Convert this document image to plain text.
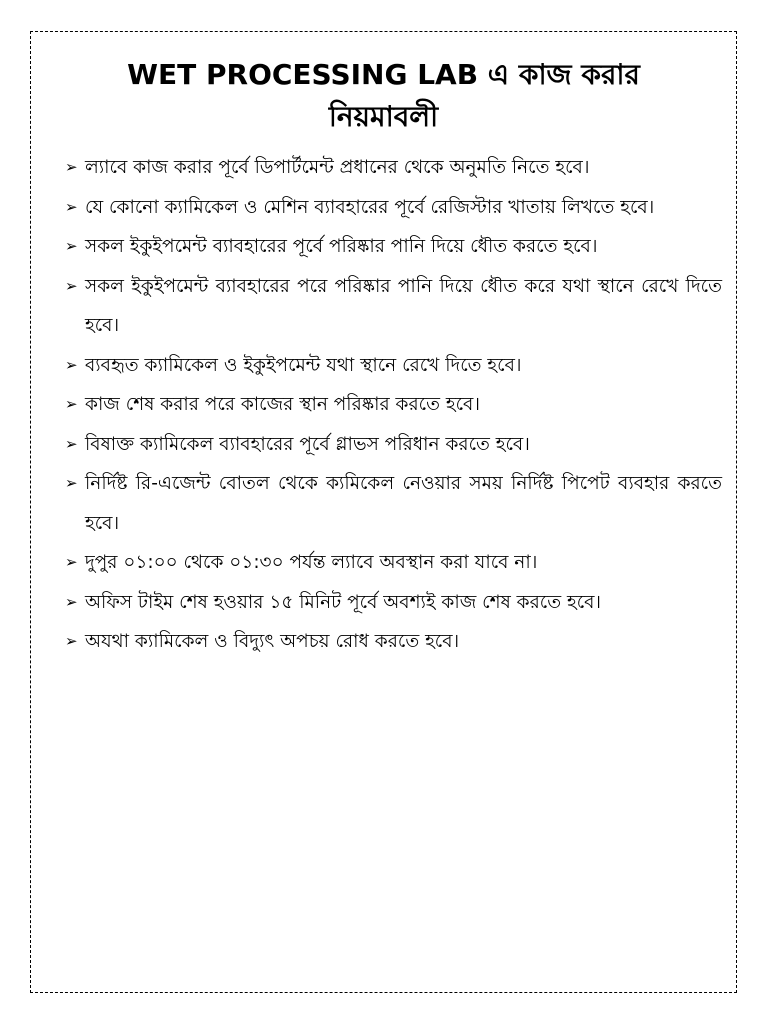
WET PROCESSING LAB এ কাজ করার
নিয়মাবলী
➢ ল্যাবে কাজ করার পূর্বে ডিপার্টমেন্ট প্রধানের থেকে অনুমতি নিতে হবে।
➢ যে কোনো ক্যামিকেল ও মেশিন ব্যাবহারের পূর্বে রেজিস্টার খাতায় লিখতে হবে।
➢ সকল ইকুইপমেন্ট ব্যাবহারের পূর্বে পরিষ্কার পানি দিয়ে ধৌত করতে হবে।
➢ সকল ইকুইপমেন্ট ব্যাবহারের পরে পরিষ্কার পানি দিয়ে ধৌত করে যথা স্থানে রেখে দিতে হবে।
➢ ব্যবহৃত ক্যামিকেল ও ইকুইপমেন্ট যথা স্থানে রেখে দিতে হবে।
➢ কাজ শেষ করার পরে কাজের স্থান পরিষ্কার করতে হবে।
➢ বিষাক্ত ক্যামিকেল ব্যাবহারের পূর্বে গ্লাভস পরিধান করতে হবে।
➢ নির্দিষ্ট রি-এজেন্ট বোতল থেকে ক্যমিকেল নেওয়ার সময় নির্দিষ্ট পিপেট ব্যবহার করতে হবে।
➢ দুপুর ০১:০০ থেকে ০১:৩০ পর্যন্ত ল্যাবে অবস্থান করা যাবে না।
➢ অফিস টাইম শেষ হওয়ার ১৫ মিনিট পূর্বে অবশ্যই কাজ শেষ করতে হবে।
➢ অযথা ক্যামিকেল ও বিদ্যুৎ অপচয় রোধ করতে হবে।
